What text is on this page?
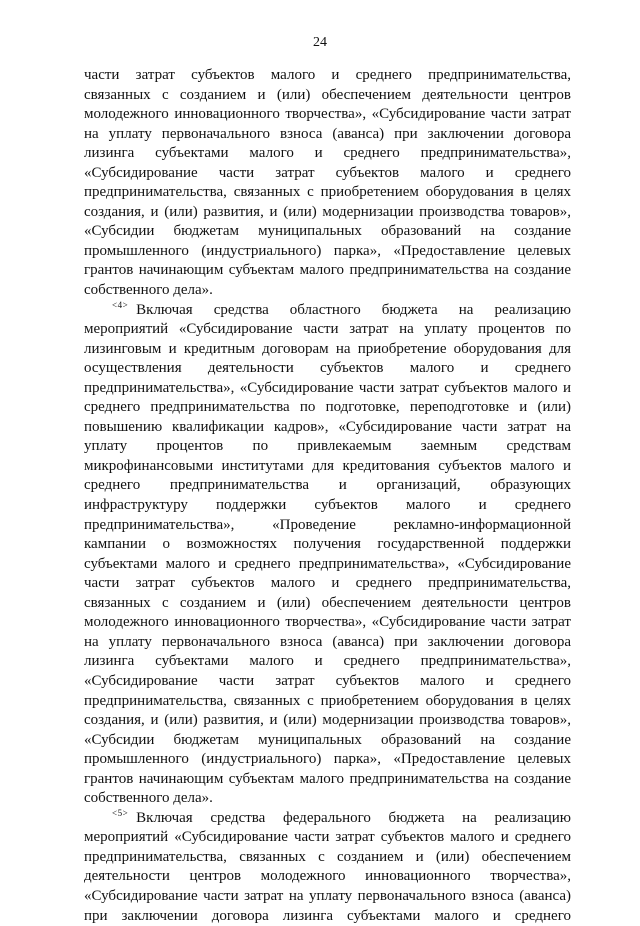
24
части затрат субъектов малого и среднего предпринимательства,
связанных с созданием и (или) обеспечением деятельности центров
молодежного инновационного творчества», «Субсидирование части затрат
на уплату первоначального взноса (аванса) при заключении договора
лизинга субъектами малого и среднего предпринимательства»,
«Субсидирование части затрат субъектов малого и среднего
предпринимательства, связанных с приобретением оборудования в целях
создания, и (или) развития, и (или) модернизации производства товаров»,
«Субсидии бюджетам муниципальных образований на создание
промышленного (индустриального) парка», «Предоставление целевых
грантов начинающим субъектам малого предпринимательства на создание
собственного дела».
$^{<4>}$ Включая средства областного бюджета на реализацию
мероприятий «Субсидирование части затрат на уплату процентов по
лизинговым и кредитным договорам на приобретение оборудования для
осуществления деятельности субъектов малого и среднего
предпринимательства», «Субсидирование части затрат субъектов малого и
среднего предпринимательства по подготовке, переподготовке и (или)
повышению квалификации кадров», «Субсидирование части затрат на
уплату процентов по привлекаемым заемным средствам
микрофинансовыми институтами для кредитования субъектов малого и
среднего предпринимательства и организаций, образующих
инфраструктуру поддержки субъектов малого и среднего
предпринимательства», «Проведение рекламно-информационной
кампании о возможностях получения государственной поддержки
субъектами малого и среднего предпринимательства», «Субсидирование
части затрат субъектов малого и среднего предпринимательства,
связанных с созданием и (или) обеспечением деятельности центров
молодежного инновационного творчества», «Субсидирование части затрат
на уплату первоначального взноса (аванса) при заключении договора
лизинга субъектами малого и среднего предпринимательства»,
«Субсидирование части затрат субъектов малого и среднего
предпринимательства, связанных с приобретением оборудования в целях
создания, и (или) развития, и (или) модернизации производства товаров»,
«Субсидии бюджетам муниципальных образований на создание
промышленного (индустриального) парка», «Предоставление целевых
грантов начинающим субъектам малого предпринимательства на создание
собственного дела».
$^{<5>}$ Включая средства федерального бюджета на реализацию
мероприятий «Субсидирование части затрат субъектов малого и среднего
предпринимательства, связанных с созданием и (или) обеспечением
деятельности центров молодежного инновационного творчества»,
«Субсидирование части затрат на уплату первоначального взноса (аванса)
при заключении договора лизинга субъектами малого и среднего
